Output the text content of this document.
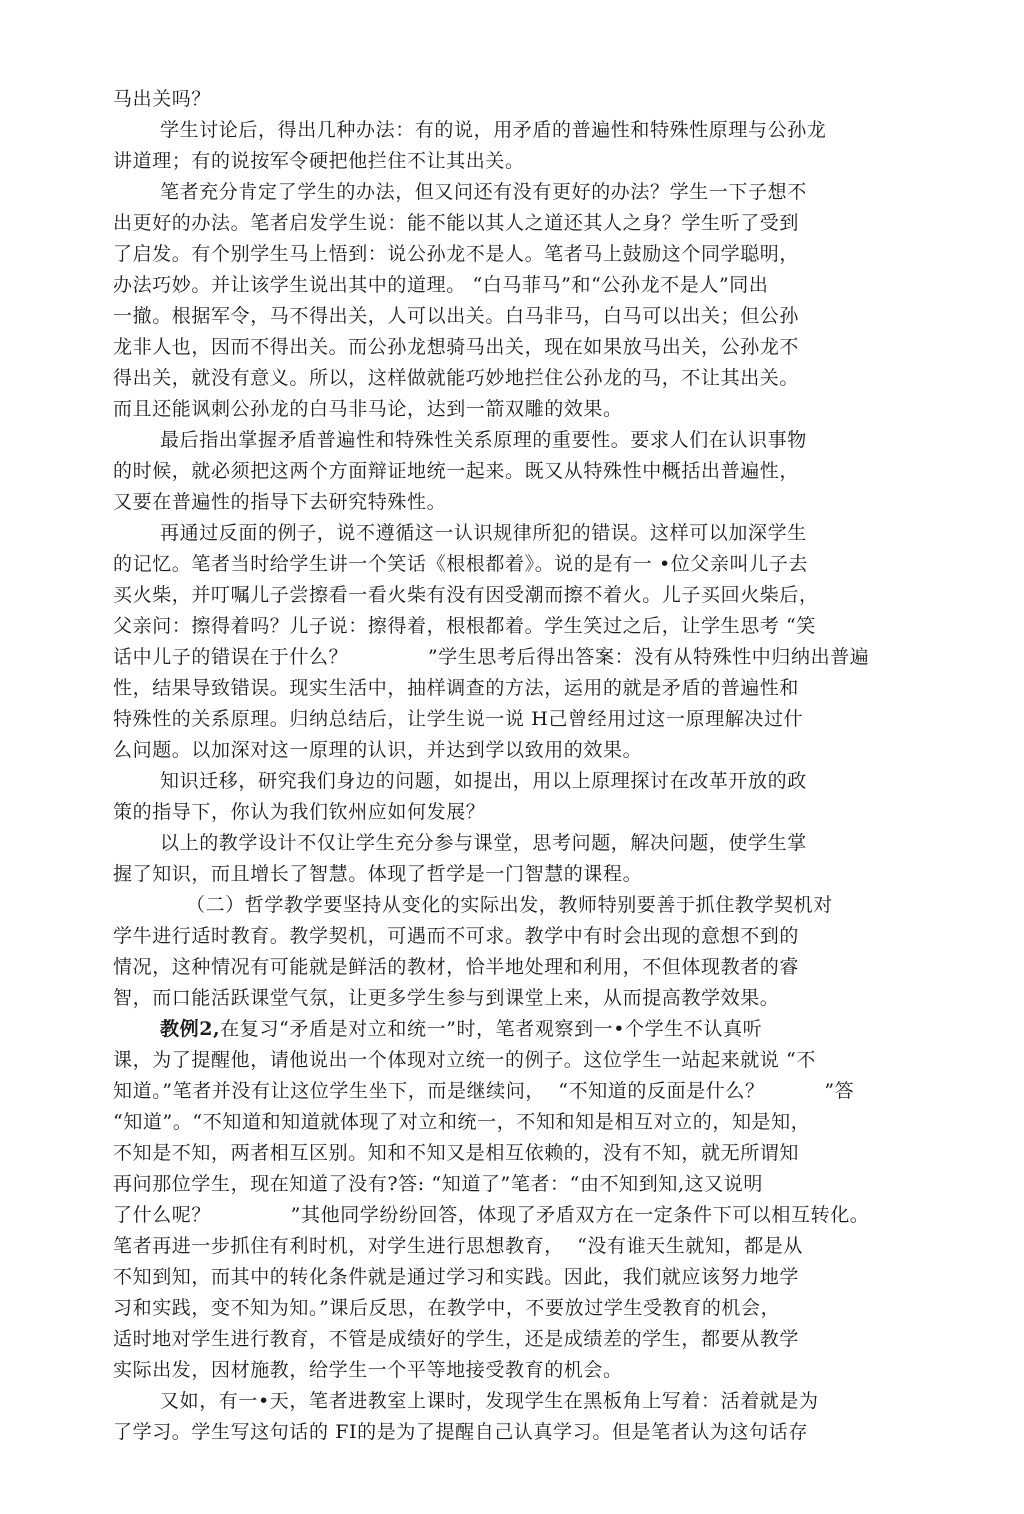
马出关吗？
学生讨论后，得出几种办法：有的说，用矛盾的普遍性和特殊性原理与公孙龙
讲道理；有的说按军令硬把他拦住不让其出关。
笔者充分肯定了学生的办法，但又问还有没有更好的办法？学生一下子想不
出更好的办法。笔者启发学生说：能不能以其人之道还其人之身？学生听了受到
了启发。有个别学生马上悟到：说公孙龙不是人。笔者马上鼓励这个同学聪明，
办法巧妙。并让该学生说出其中的道理。 “白马菲马”和“公孙龙不是人”同出
一撤。根据军令，马不得出关，人可以出关。白马非马，白马可以出关；但公孙
龙非人也，因而不得出关。而公孙龙想骑马出关，现在如果放马出关，公孙龙不
得出关，就没有意义。所以，这样做就能巧妙地拦住公孙龙的马，不让其出关。
而且还能讽刺公孙龙的白马非马论，达到一箭双雕的效果。
最后指出掌握矛盾普遍性和特殊性关系原理的重要性。要求人们在认识事物
的时候，就必须把这两个方面辩证地统一起来。既又从特殊性中概括出普遍性，
又要在普遍性的指导下去研究特殊性。
再通过反面的例子，说不遵循这一认识规律所犯的错误。这样可以加深学生
的记忆。笔者当时给学生讲一个笑话《根根都着》。说的是有一 •位父亲叫儿子去
买火柴，并叮嘱儿子尝擦看一看火柴有没有因受潮而擦不着火。儿子买回火柴后，
父亲问：擦得着吗？儿子说：擦得着，根根都着。学生笑过之后，让学生思考 “笑
话中儿子的错误在于什么？            ”学生思考后得出答案：没有从特殊性中归纳出普遍
性，结果导致错误。现实生活中，抽样调查的方法，运用的就是矛盾的普遍性和
特殊性的关系原理。归纳总结后，让学生说一说 H己曾经用过这一原理解决过什
么问题。以加深对这一原理的认识，并达到学以致用的效果。
知识迁移，研究我们身边的问题，如提出，用以上原理探讨在改革开放的政
策的指导下，你认为我们钦州应如何发展？
以上的教学设计不仅让学生充分参与课堂，思考问题，解决问题，使学生掌
握了知识，而且增长了智慧。体现了哲学是一门智慧的课程。
（二）哲学教学要坚持从变化的实际出发，教师特别要善于抓住教学契机对
学牛进行适时教育。教学契机，可遇而不可求。教学中有时会出现的意想不到的
情况，这种情况有可能就是鲜活的教材，恰半地处理和利用，不但体现教者的睿
智，而口能活跃课堂气氛，让更多学生参与到课堂上来，从而提高教学效果。
教例2,在复习“矛盾是对立和统一”时，笔者观察到一•个学生不认真听
课，为了提醒他，请他说出一个体现对立统一的例子。这位学生一站起来就说 “不
知道。”笔者并没有让这位学生坐下，而是继续问，  “不知道的反面是什么？         ”答
“知道”。“不知道和知道就体现了对立和统一，不知和知是相互对立的，知是知，
不知是不知，两者相互区别。知和不知又是相互依赖的，没有不知，就无所谓知
再问那位学生，现在知道了没有?答: “知道了”笔者：“由不知到知,这又说明
了什么呢？            ”其他同学纷纷回答，体现了矛盾双方在一定条件下可以相互转化。
笔者再进一步抓住有利时机，对学生进行思想教育，  “没有谁天生就知，都是从
不知到知，而其中的转化条件就是通过学习和实践。因此，我们就应该努力地学
习和实践，变不知为知。”课后反思，在教学中，不要放过学生受教育的机会，
适时地对学生进行教育，不管是成绩好的学生，还是成绩差的学生，都要从教学
实际出发，因材施教，给学生一个平等地接受教育的机会。
又如，有一•天，笔者进教室上课时，发现学生在黑板角上写着：活着就是为
了学习。学生写这句话的 FI的是为了提醒自己认真学习。但是笔者认为这句话存
